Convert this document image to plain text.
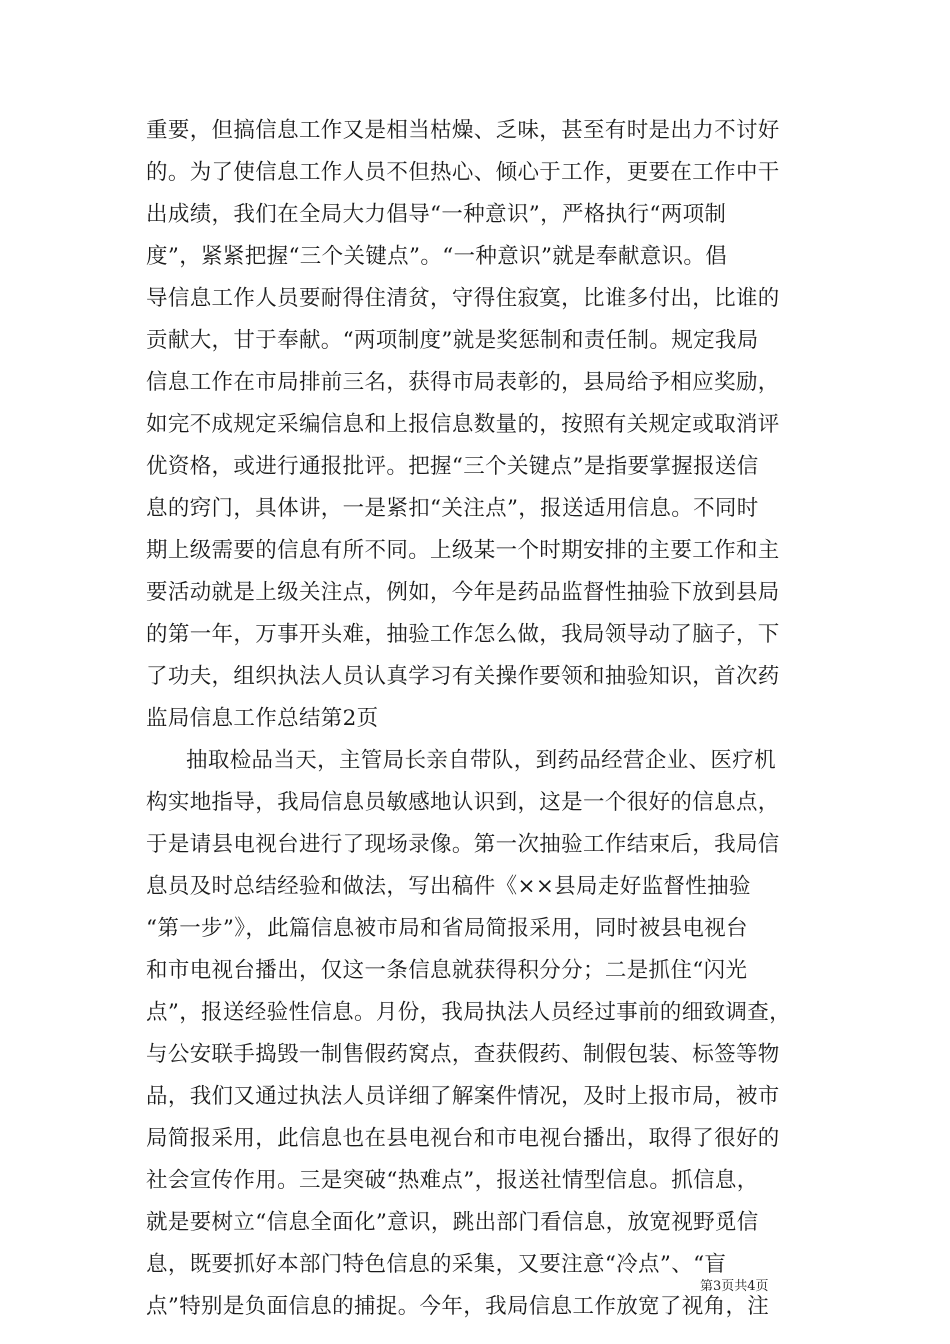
重要，但搞信息工作又是相当枯燥、乏味，甚至有时是出力不讨好
的。为了使信息工作人员不但热心、倾心于工作，更要在工作中干
出成绩，我们在全局大力倡导“一种意识”，严格执行“两项制
度”，紧紧把握“三个关键点”。“一种意识”就是奉献意识。倡
导信息工作人员要耐得住清贫，守得住寂寞，比谁多付出，比谁的
贡献大，甘于奉献。“两项制度”就是奖惩制和责任制。规定我局
信息工作在市局排前三名，获得市局表彰的，县局给予相应奖励，
如完不成规定采编信息和上报信息数量的，按照有关规定或取消评
优资格，或进行通报批评。把握“三个关键点”是指要掌握报送信
息的窍门，具体讲，一是紧扣“关注点”，报送适用信息。不同时
期上级需要的信息有所不同。上级某一个时期安排的主要工作和主
要活动就是上级关注点，例如，今年是药品监督性抽验下放到县局
的第一年，万事开头难，抽验工作怎么做，我局领导动了脑子，下
了功夫，组织执法人员认真学习有关操作要领和抽验知识，首次药
监局信息工作总结第2页
抽取检品当天，主管局长亲自带队，到药品经营企业、医疗机
构实地指导，我局信息员敏感地认识到，这是一个很好的信息点，
于是请县电视台进行了现场录像。第一次抽验工作结束后，我局信
息员及时总结经验和做法，写出稿件《××县局走好监督性抽验
“第一步”》，此篇信息被市局和省局简报采用，同时被县电视台
和市电视台播出，仅这一条信息就获得积分分；二是抓住“闪光
点”，报送经验性信息。月份，我局执法人员经过事前的细致调查，
与公安联手捣毁一制售假药窝点，查获假药、制假包装、标签等物
品，我们又通过执法人员详细了解案件情况，及时上报市局，被市
局简报采用，此信息也在县电视台和市电视台播出，取得了很好的
社会宣传作用。三是突破“热难点”，报送社情型信息。抓信息，
就是要树立“信息全面化”意识，跳出部门看信息，放宽视野觅信
息，既要抓好本部门特色信息的采集，又要注意“冷点”、“盲
点”特别是负面信息的捕捉。今年，我局信息工作放宽了视角，注
第3页共4页
